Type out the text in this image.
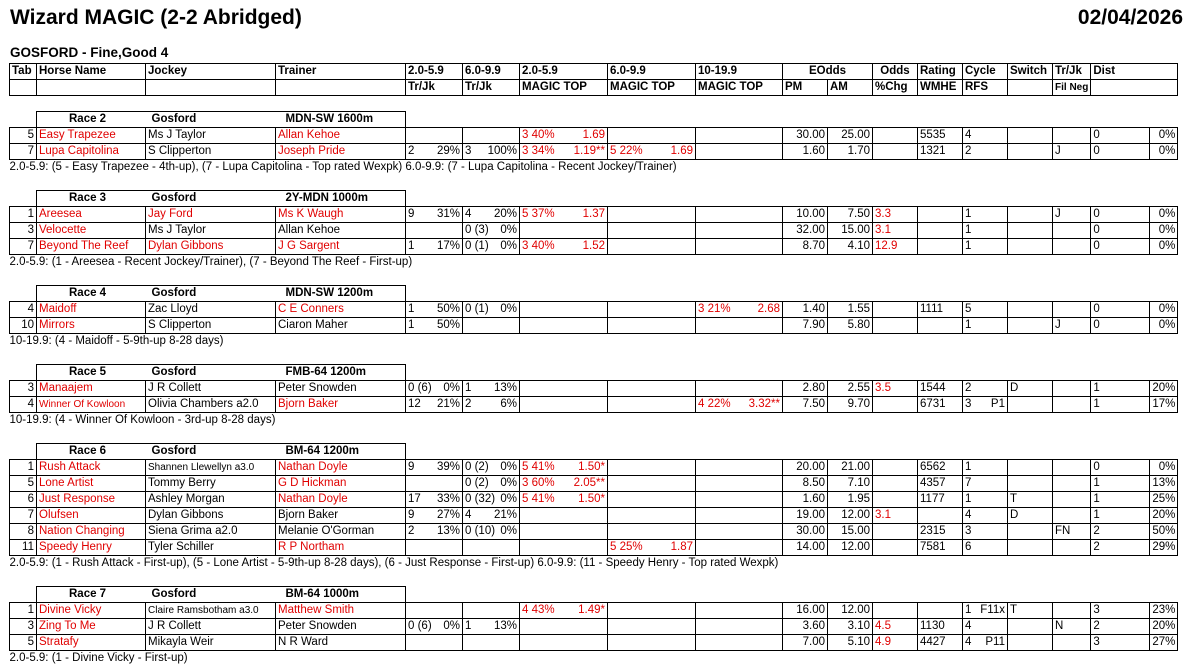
Wizard MAGIC (2-2 Abridged)	02/04/2026
GOSFORD - Fine,Good 4
Tab	Horse Name	Jockey	Trainer	2.0-5.9	6.0-9.9	2.0-5.9	6.0-9.9	10-19.9	EOdds		Odds	Rating	Cycle	Switch	Tr/Jk	Dist	
				Tr/Jk	Tr/Jk	MAGIC TOP	MAGIC TOP	MAGIC TOP	PM	AM	%Chg	WMHE	RFS		Fil Neg		

	Race 2	Gosford	MDN-SW 1600m														
5	Easy Trapezee	Ms J Taylor	Allan Kehoe			3 40% 1.69			30.00	25.00		5535	4			0	0%
7	Lupa Capitolina	S Clipperton	Joseph Pride	2 29%	3 100%	3 34% 1.19**	5 22% 1.69		1.60	1.70		1321	2		J	0	0%
2.0-5.9: (5 - Easy Trapezee - 4th-up), (7 - Lupa Capitolina - Top rated Wexpk) 6.0-9.9: (7 - Lupa Capitolina - Recent Jockey/Trainer)																	

	Race 3	Gosford	2Y-MDN 1000m														
1	Areesea	Jay Ford	Ms K Waugh	9 31%	4 20%	5 37% 1.37			10.00	7.50	3.3		1		J	0	0%
3	Velocette	Ms J Taylor	Allan Kehoe		0 (3) 0%				32.00	15.00	3.1		1			0	0%
7	Beyond The Reef	Dylan Gibbons	J G Sargent	1 17%	0 (1) 0%	3 40% 1.52			8.70	4.10	12.9		1			0	0%
2.0-5.9: (1 - Areesea - Recent Jockey/Trainer), (7 - Beyond The Reef - First-up)																	

	Race 4	Gosford	MDN-SW 1200m														
4	Maidoff	Zac Lloyd	C E Conners	1 50%	0 (1) 0%			3 21% 2.68	1.40	1.55		1111	5			0	0%
10	Mirrors	S Clipperton	Ciaron Maher	1 50%					7.90	5.80			1		J	0	0%
10-19.9: (4 - Maidoff - 5-9th-up 8-28 days)																	

	Race 5	Gosford	FMB-64 1200m														
3	Manaajem	J R Collett	Peter Snowden	0 (6) 0%	1 13%				2.80	2.55	3.5	1544	2	D		1	20%
4	Winner Of Kowloon	Olivia Chambers a2.0	Bjorn Baker	12 21%	2 6%			4 22% 3.32**	7.50	9.70		6731	3 P1			1	17%
10-19.9: (4 - Winner Of Kowloon - 3rd-up 8-28 days)																	

	Race 6	Gosford	BM-64 1200m														
1	Rush Attack	Shannen Llewellyn a3.0	Nathan Doyle	9 39%	0 (2) 0%	5 41% 1.50*			20.00	21.00		6562	1			0	0%
5	Lone Artist	Tommy Berry	G D Hickman		0 (2) 0%	3 60% 2.05**			8.50	7.10		4357	7			1	13%
6	Just Response	Ashley Morgan	Nathan Doyle	17 33%	0 (32) 0%	5 41% 1.50*			1.60	1.95		1177	1	T		1	25%
7	Olufsen	Dylan Gibbons	Bjorn Baker	9 27%	4 21%				19.00	12.00	3.1		4	D		1	20%
8	Nation Changing	Siena Grima a2.0	Melanie O'Gorman	2 13%	0 (10) 0%				30.00	15.00		2315	3		FN	2	50%
11	Speedy Henry	Tyler Schiller	R P Northam				5 25% 1.87		14.00	12.00		7581	6			2	29%
2.0-5.9: (1 - Rush Attack - First-up), (5 - Lone Artist - 5-9th-up 8-28 days), (6 - Just Response - First-up) 6.0-9.9: (11 - Speedy Henry - Top rated Wexpk)																	

	Race 7	Gosford	BM-64 1000m														
1	Divine Vicky	Claire Ramsbotham a3.0	Matthew Smith			4 43% 1.49*			16.00	12.00			1 F11x	T		3	23%
3	Zing To Me	J R Collett	Peter Snowden	0 (6) 0%	1 13%				3.60	3.10	4.5	1130	4		N	2	20%
5	Stratafy	Mikayla Weir	N R Ward						7.00	5.10	4.9	4427	4 P11			3	27%
2.0-5.9: (1 - Divine Vicky - First-up)																	
